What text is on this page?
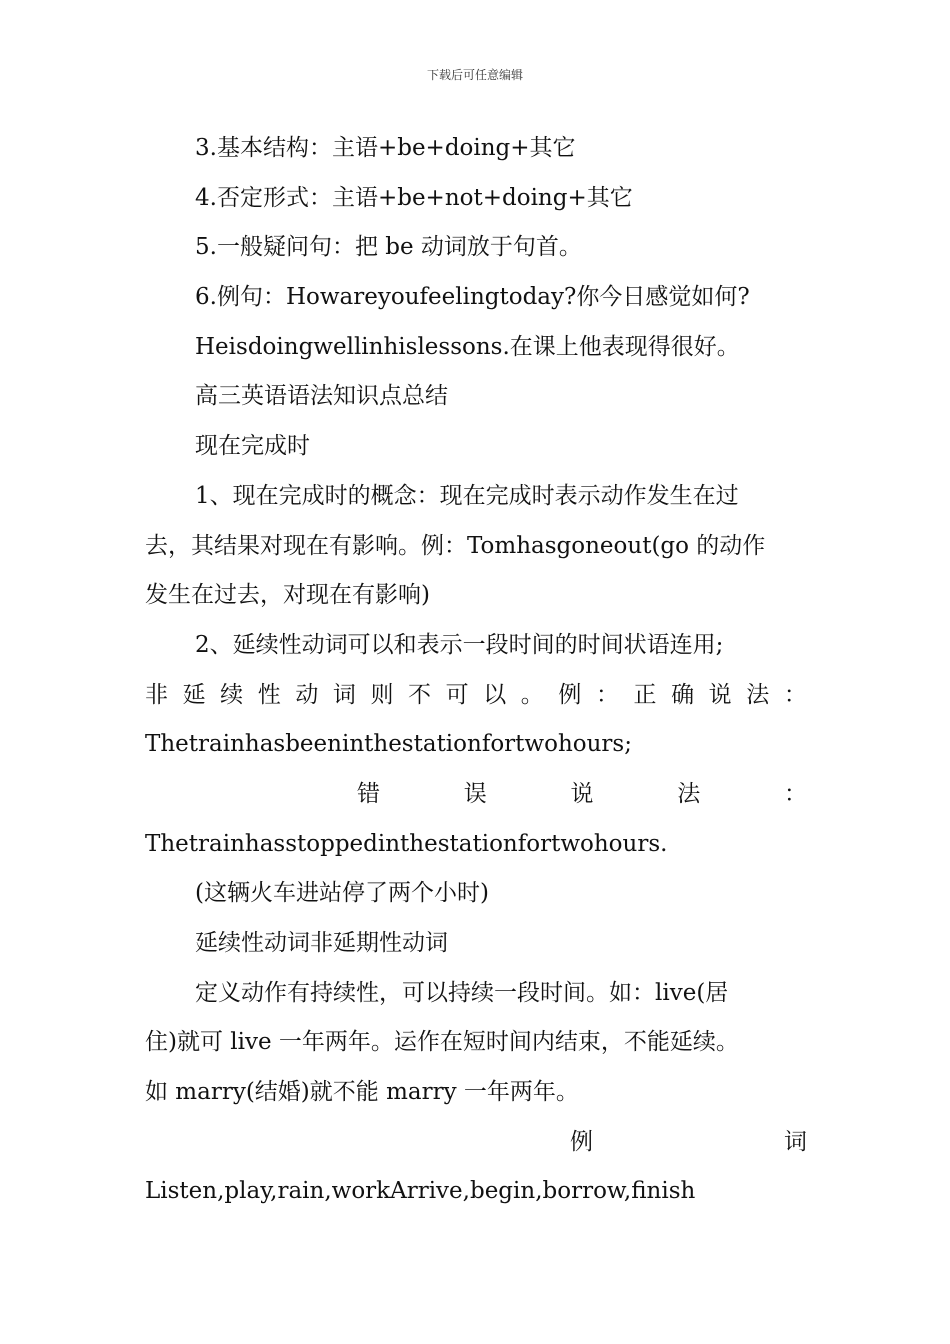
下载后可任意编辑
3.基本结构：主语+be+doing+其它
4.否定形式：主语+be+not+doing+其它
5.一般疑问句：把 be 动词放于句首。
6.例句：Howareyoufeelingtoday?你今日感觉如何?
Heisdoingwellinhislessons.在课上他表现得很好。
高三英语语法知识点总结
现在完成时
1、现在完成时的概念：现在完成时表示动作发生在过
去，其结果对现在有影响。例：Tomhasgoneout(go 的动作
发生在过去，对现在有影响)
2、延续性动词可以和表示一段时间的时间状语连用;
非 延 续 性 动 词 则 不 可 以 。 例 ： 正 确 说 法 ：
Thetrainhasbeeninthestationfortwohours;
错	误	说	法	：
Thetrainhasstoppedinthestationfortwohours.
(这辆火车进站停了两个小时)
延续性动词非延期性动词
定义动作有持续性，可以持续一段时间。如：live(居
住)就可 live 一年两年。运作在短时间内结束，不能延续。
如 marry(结婚)就不能 marry 一年两年。
例	词
Listen,play,rain,workArrive,begin,borrow,finish
